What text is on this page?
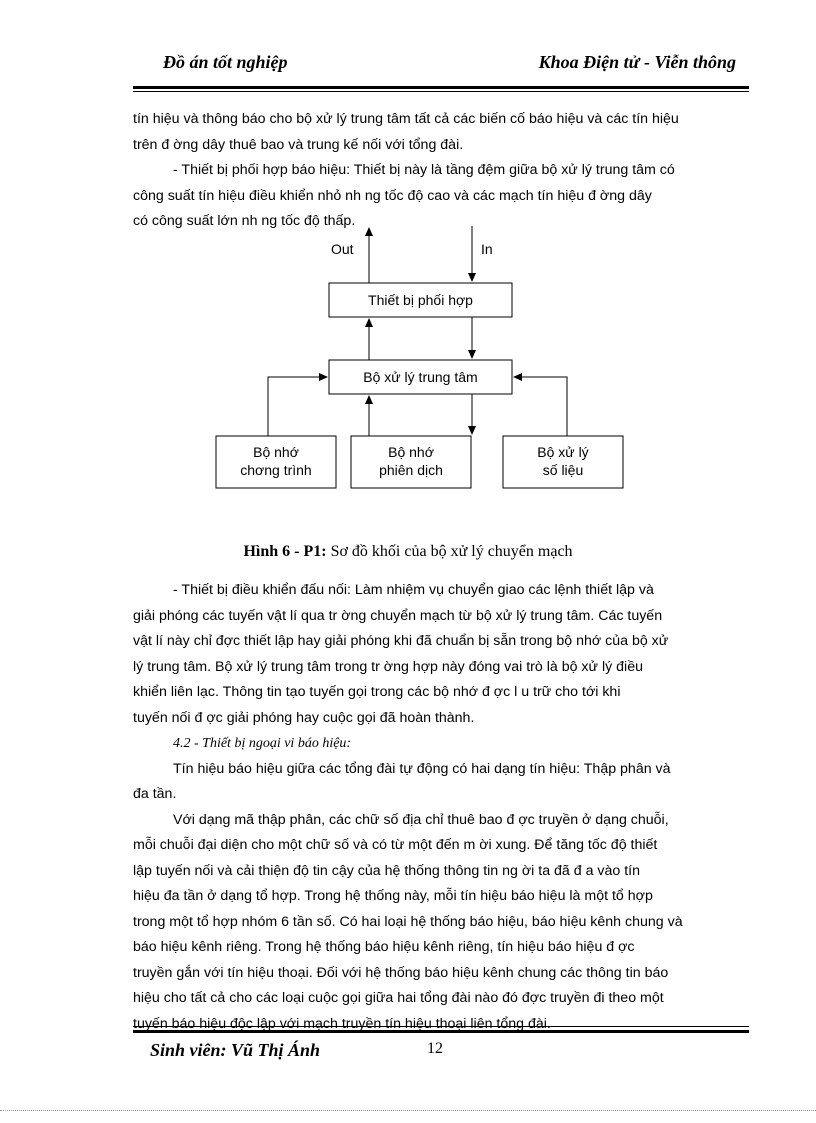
Đồ án tốt nghiệp	Khoa Điện tử - Viễn thông

tín hiệu và thông báo cho bộ xử lý trung tâm tất cả các biến cố báo hiệu và các tín hiệu

trên đ ờng dây thuê bao và trung kế nối với tổng đài.

- Thiết bị phối hợp báo hiệu: Thiết bị này là tầng đệm giữa bộ xử lý trung tâm có

công suất tín hiệu điều khiển nhỏ nh ng tốc độ cao và các mạch tín hiệu đ ờng dây

có công suất lớn nh ng tốc độ thấp.

Out	In
Thiết bị phối hợp
Bộ xử lý trung tâm
Bộ nhớ
chơng trình
Bộ nhớ
phiên dịch
Bộ xử lý
số liệu
Hình 6 - P1: Sơ đồ khối của bộ xử lý chuyển mạch

- Thiết bị điều khiển đấu nối: Làm nhiệm vụ chuyển giao các lệnh thiết lập và

giải phóng các tuyến vật lí qua tr ờng chuyển mạch từ bộ xử lý trung tâm. Các tuyến

vật lí này chỉ đợc thiết lập hay giải phóng khi đã chuẩn bị sẵn trong bộ nhớ của bộ xử

lý trung tâm. Bộ xử lý trung tâm trong tr ờng hợp này đóng vai trò là bộ xử lý điều

khiển liên lạc. Thông tin tạo tuyến gọi trong các bộ nhớ đ ợc l u trữ cho tới khi

tuyến nối đ ợc giải phóng hay cuộc gọi đã hoàn thành.

4.2 - Thiết bị ngoại vi báo hiệu:

Tín hiệu báo hiệu giữa các tổng đài tự động có hai dạng tín hiệu: Thập phân và

đa tần.

Với dạng mã thập phân, các chữ số địa chỉ thuê bao đ ợc truyền ở dạng chuỗi,

mỗi chuỗi đại diện cho một chữ số và có từ một đến m ời xung. Để tăng tốc độ thiết

lập tuyến nối và cải thiện độ tin cậy của hệ thống thông tin ng ời ta đã đ a vào tín

hiệu đa tần ở dạng tổ hợp. Trong hệ thống này, mỗi tín hiệu báo hiệu là một tổ hợp

trong một tổ hợp nhóm 6 tần số. Có hai loại hệ thống báo hiệu, báo hiệu kênh chung và

báo hiệu kênh riêng. Trong hệ thống báo hiệu kênh riêng, tín hiệu báo hiệu đ ợc

truyền gắn với tín hiệu thoại. Đối với hệ thống báo hiệu kênh chung các thông tin báo

hiệu cho tất cả cho các loại cuộc gọi giữa hai tổng đài nào đó đợc truyền đi theo một

tuyến báo hiệu độc lập với mạch truyền tín hiệu thoại liên tổng đài.

Sinh viên: Vũ Thị Ánh	12
